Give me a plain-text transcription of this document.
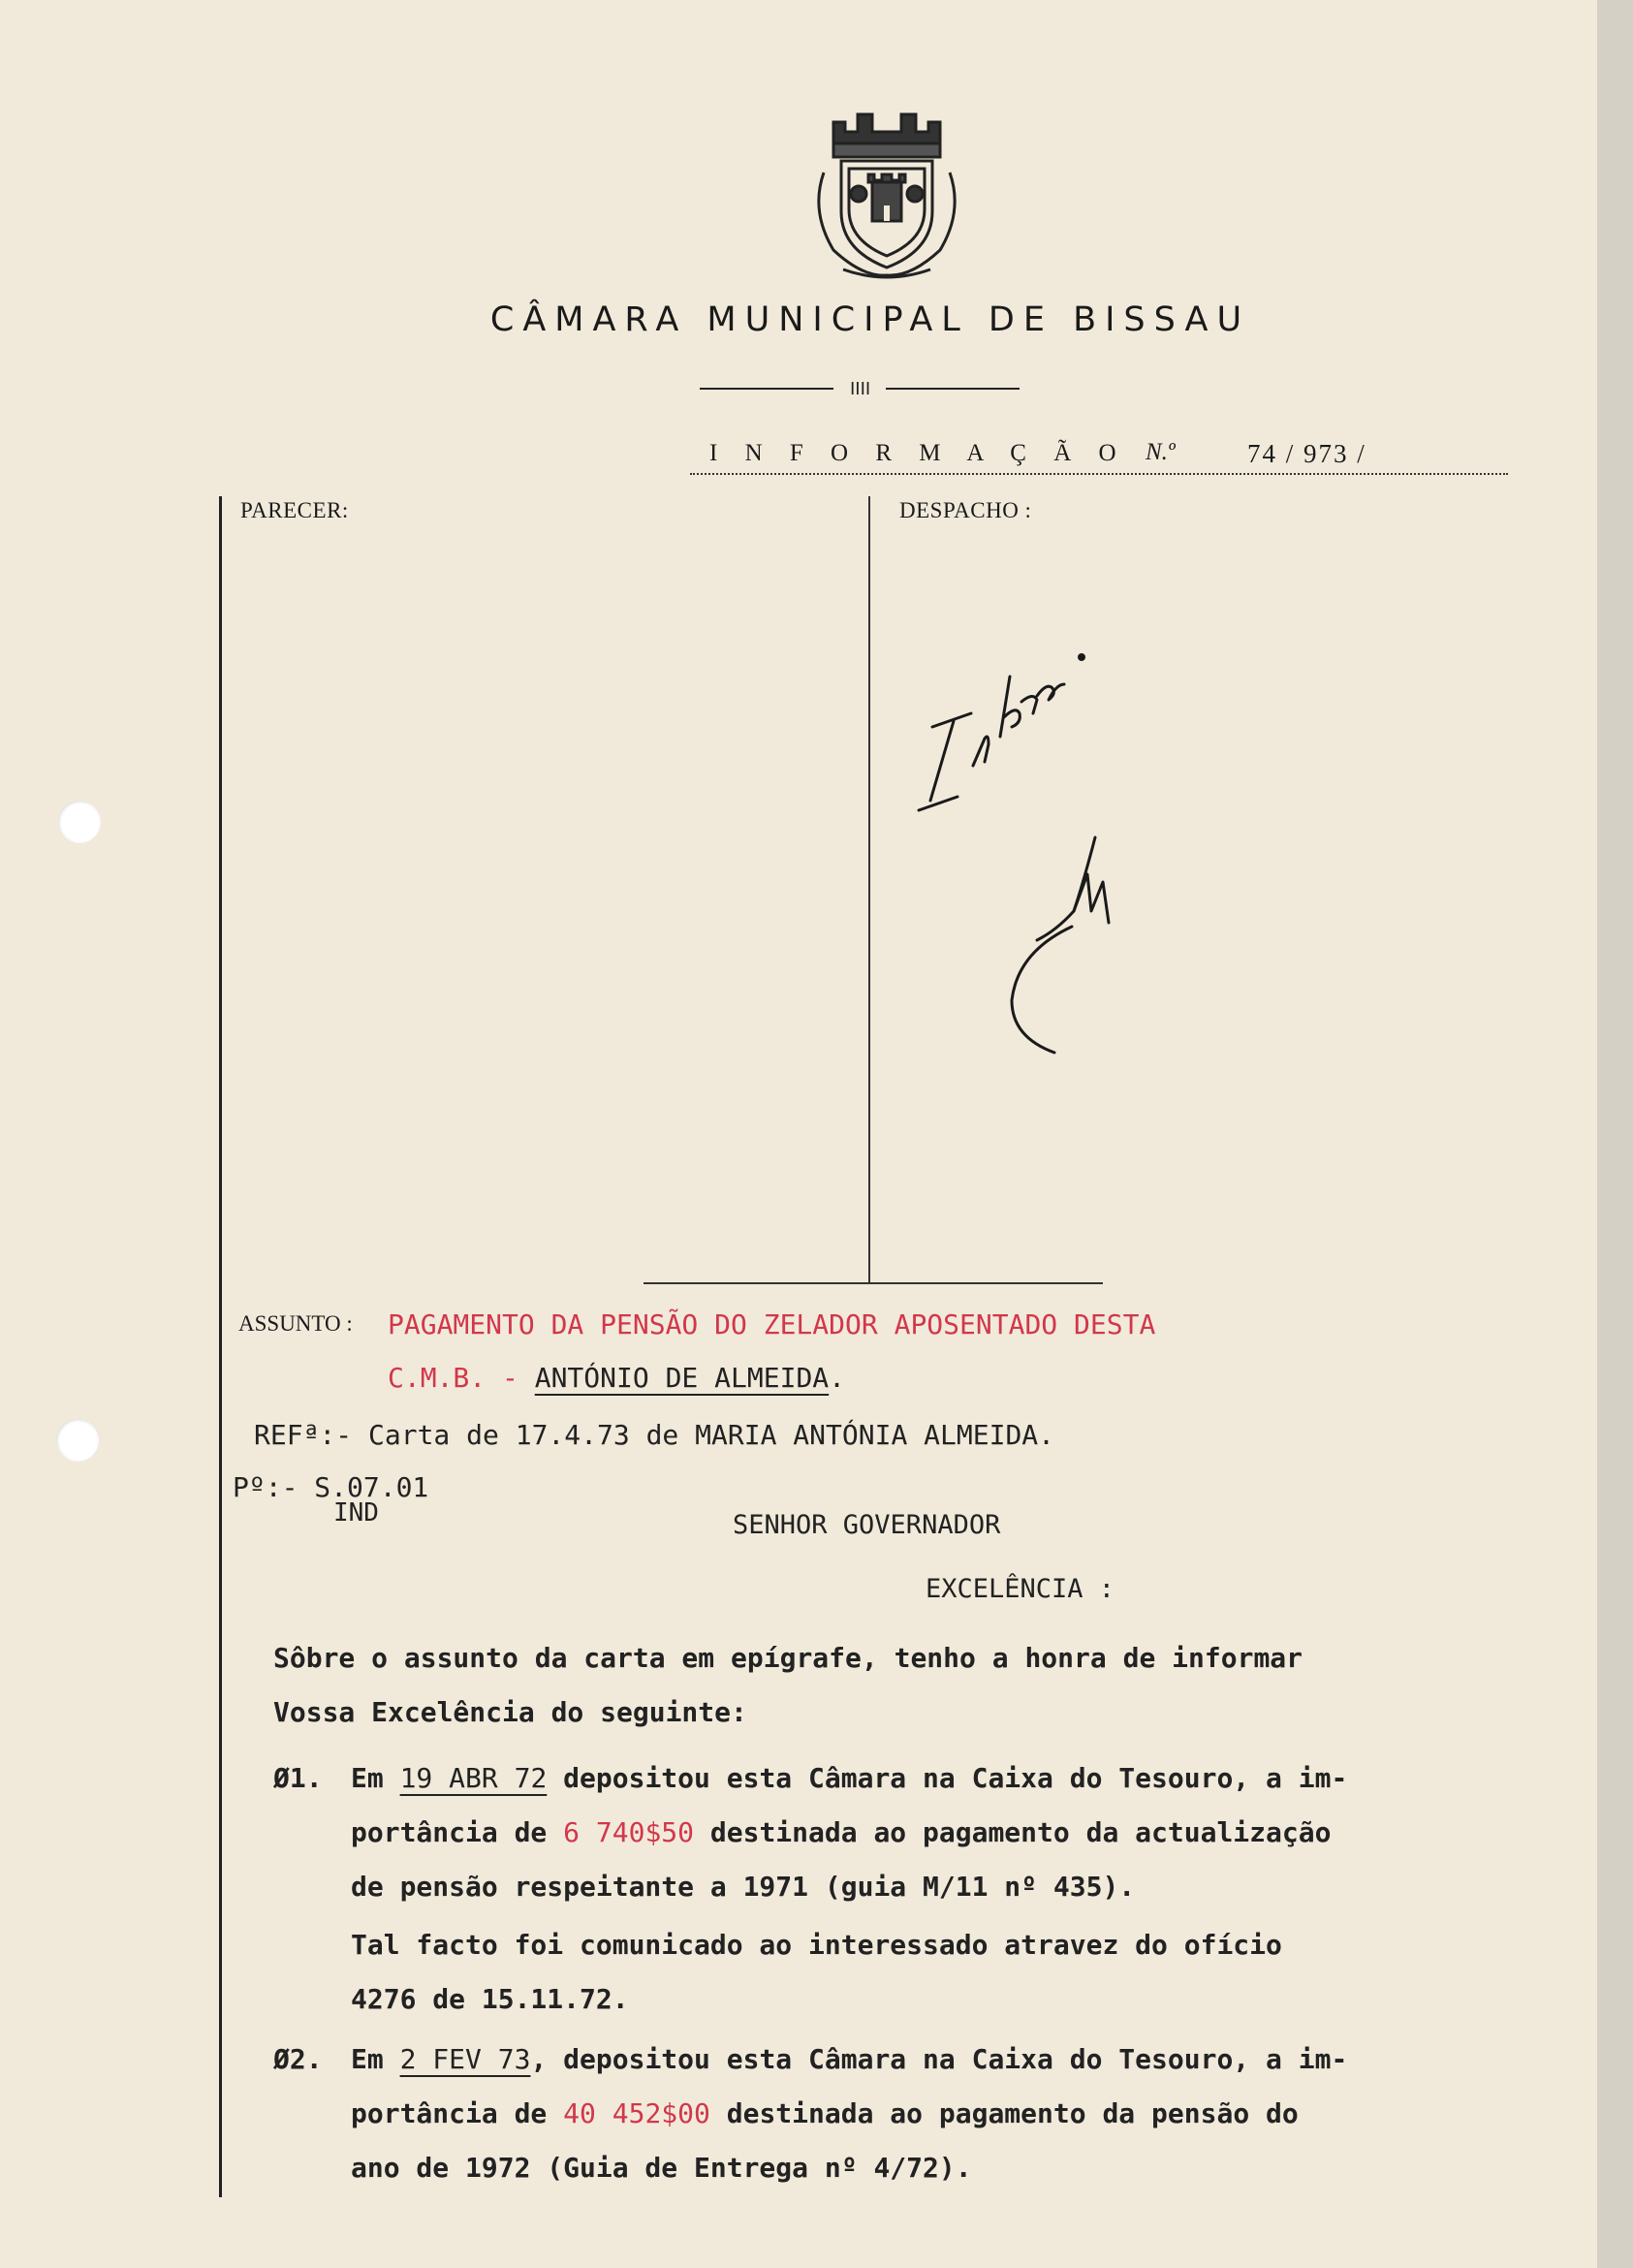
CÂMARA MUNICIPAL DE BISSAU
IIII
I N F O R M A Ç Ã O N.º	74 / 973 /
PARECER:	DESPACHO :
ASSUNTO : PAGAMENTO DA PENSÃO DO ZELADOR APOSENTADO DESTA
C.M.B. - ANTÓNIO DE ALMEIDA.
REFª:- Carta de 17.4.73 de MARIA ANTÓNIA ALMEIDA.
Pº:- S.07.01
IND	SENHOR GOVERNADOR
EXCELÊNCIA :
Sôbre o assunto da carta em epígrafe, tenho a honra de informar
Vossa Excelência do seguinte:
Ø1. Em 19 ABR 72 depositou esta Câmara na Caixa do Tesouro, a im-
portância de 6 740$50 destinada ao pagamento da actualização
de pensão respeitante a 1971 (guia M/11 nº 435).
Tal facto foi comunicado ao interessado atravez do ofício
4276 de 15.11.72.
Ø2. Em 2 FEV 73, depositou esta Câmara na Caixa do Tesouro, a im-
portância de 40 452$00 destinada ao pagamento da pensão do
ano de 1972 (Guia de Entrega nº 4/72).
